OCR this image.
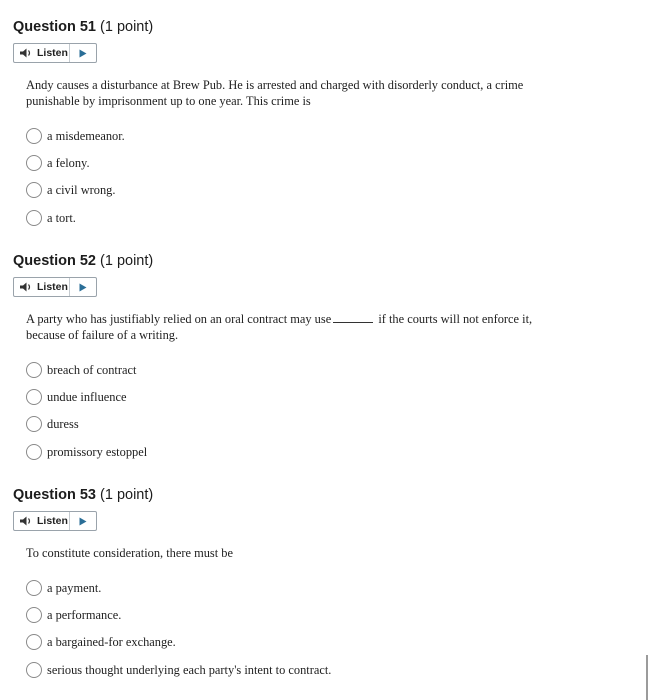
Question 51 (1 point)
Listen
Andy causes a disturbance at Brew Pub. He is arrested and charged with disorderly conduct, a crime punishable by imprisonment up to one year. This crime is
a misdemeanor.
a felony.
a civil wrong.
a tort.
Question 52 (1 point)
Listen
A party who has justifiably relied on an oral contract may use	if the courts will not enforce it, because of failure of a writing.
breach of contract
undue influence
duress
promissory estoppel
Question 53 (1 point)
Listen
To constitute consideration, there must be
a payment.
a performance.
a bargained-for exchange.
serious thought underlying each party's intent to contract.
